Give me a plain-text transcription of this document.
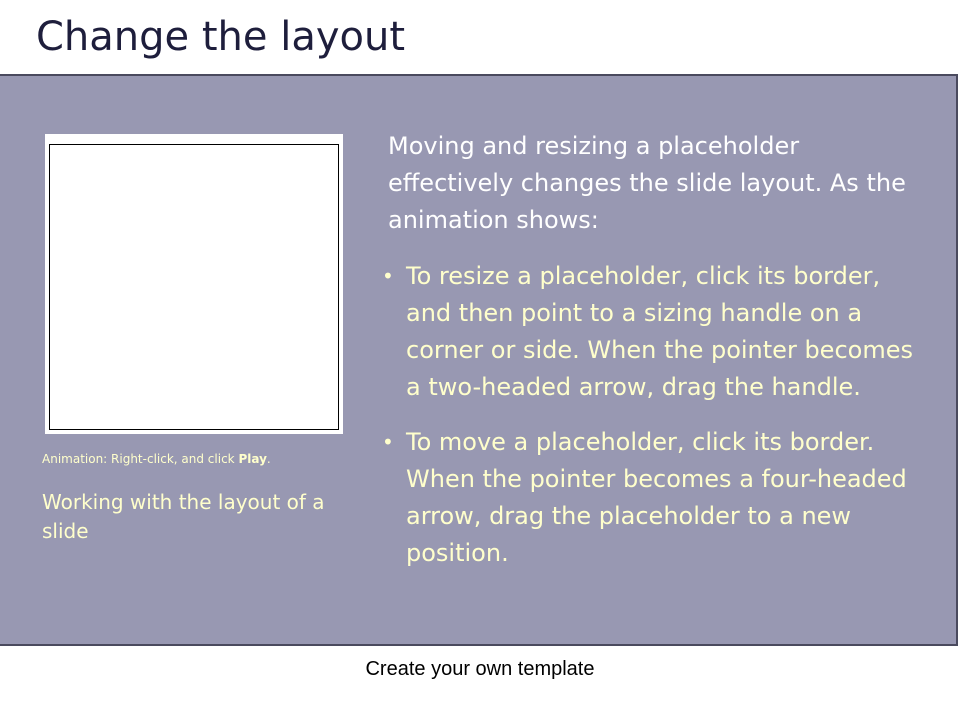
Change the layout
Animation: Right-click, and click Play.
Working with the layout of a slide
Moving and resizing a placeholder effectively changes the slide layout. As the animation shows:
• To resize a placeholder, click its border, and then point to a sizing handle on a corner or side. When the pointer becomes a two-headed arrow, drag the handle.
• To move a placeholder, click its border. When the pointer becomes a four-headed arrow, drag the placeholder to a new position.
Create your own template
